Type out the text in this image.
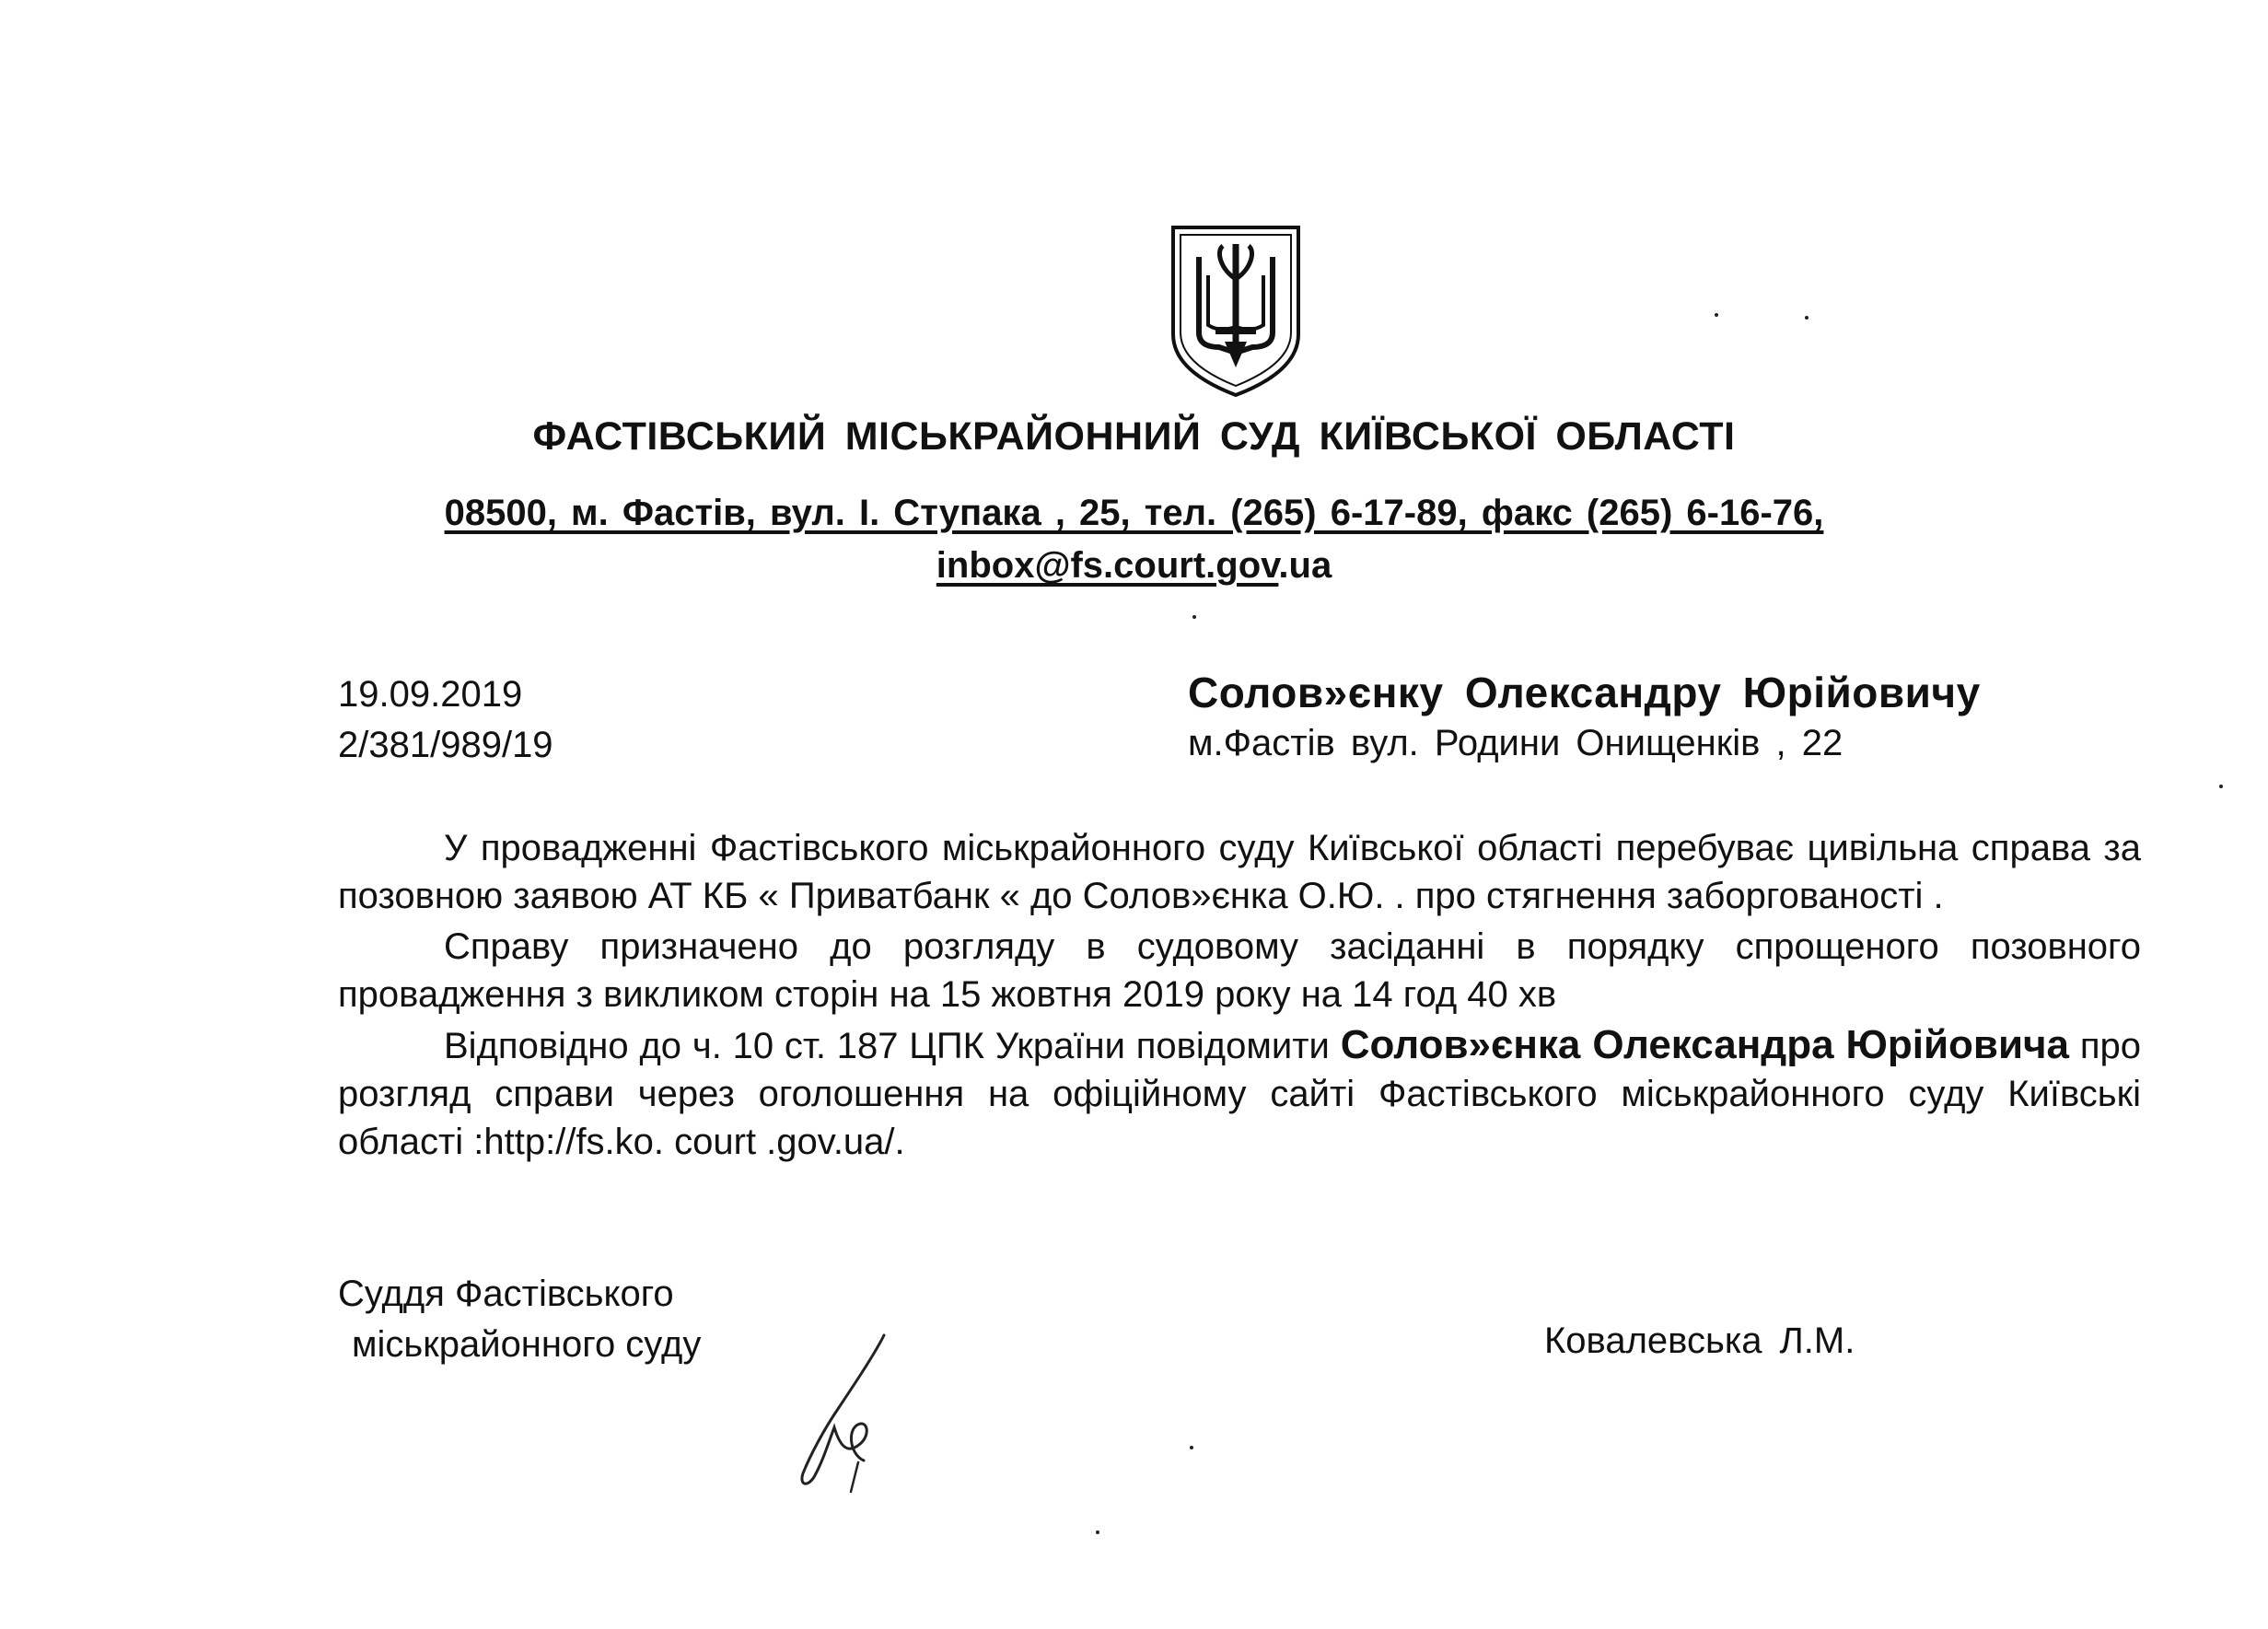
ФАСТІВСЬКИЙ МІСЬКРАЙОННИЙ СУД КИЇВСЬКОЇ ОБЛАСТІ
08500, м. Фастів, вул. І. Ступака , 25, тел. (265) 6-17-89, факс (265) 6-16-76,
inbox@fs.court.gov.ua
19.09.2019
2/381/989/19
Солов»єнку Олександру Юрійовичу
м.Фастів вул. Родини Онищенків , 22

У провадженні Фастівського міськрайонного суду Київської області перебуває цивільна справа за позовною заявою АТ КБ « Приватбанк « до Солов»єнка О.Ю. . про стягнення заборгованості .

Справу призначено до розгляду в судовому засіданні в порядку спрощеного позовного провадження з викликом сторін на 15 жовтня 2019 року на 14 год 40 хв

Відповідно до ч. 10 ст. 187 ЦПК України повідомити Солов»єнка Олександра Юрійовича про розгляд справи через оголошення на офіційному сайті Фастівського міськрайонного суду Київські області :http://fs.ko. court .gov.ua/.

Суддя Фастівського
міськрайонного суду	Ковалевська Л.М.
